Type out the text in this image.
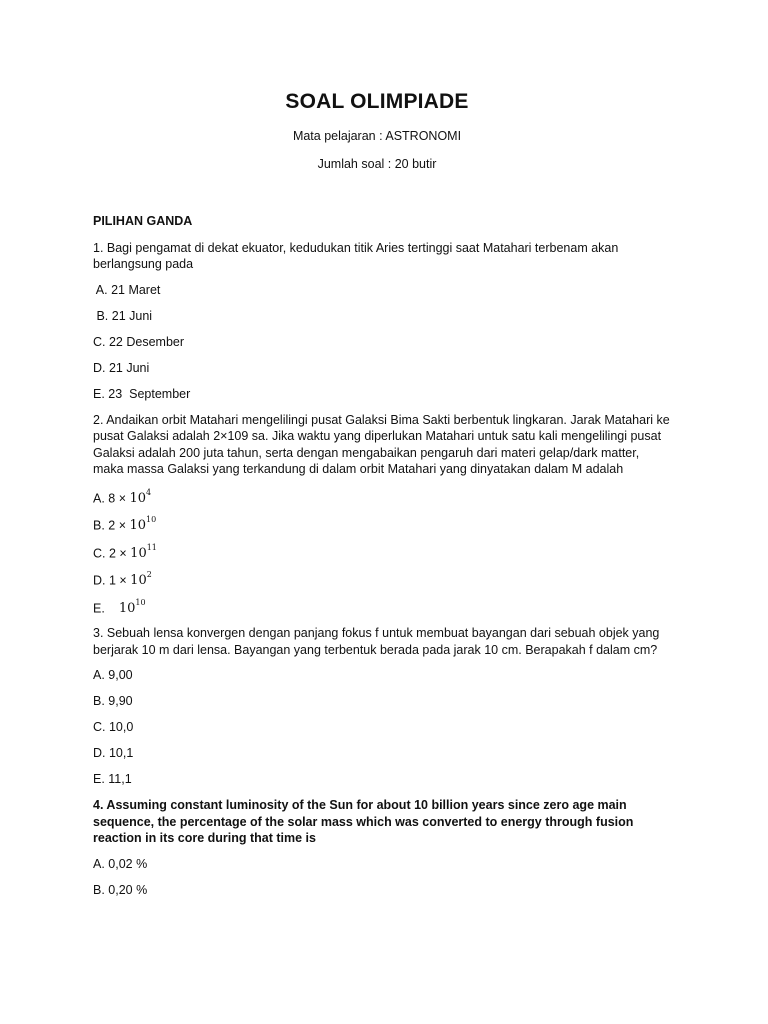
SOAL OLIMPIADE
Mata pelajaran : ASTRONOMI
Jumlah soal : 20 butir
PILIHAN GANDA
1. Bagi pengamat di dekat ekuator, kedudukan titik Aries tertinggi saat Matahari terbenam akan berlangsung pada
A. 21 Maret
B. 21 Juni
C. 22 Desember
D. 21 Juni
E. 23  September
2. Andaikan orbit Matahari mengelilingi pusat Galaksi Bima Sakti berbentuk lingkaran. Jarak Matahari ke pusat Galaksi adalah 2×109 sa. Jika waktu yang diperlukan Matahari untuk satu kali mengelilingi pusat Galaksi adalah 200 juta tahun, serta dengan mengabaikan pengaruh dari materi gelap/dark matter, maka massa Galaksi yang terkandung di dalam orbit Matahari yang dinyatakan dalam M adalah
A. $8 \times 10^4$
B. $2 \times 10^{10}$
C. $2 \times 10^{11}$
D. $1 \times 10^2$
E. $10^{10}$
3. Sebuah lensa konvergen dengan panjang fokus f untuk membuat bayangan dari sebuah objek yang berjarak 10 m dari lensa. Bayangan yang terbentuk berada pada jarak 10 cm. Berapakah f dalam cm?
A. 9,00
B. 9,90
C. 10,0
D. 10,1
E. 11,1
4. Assuming constant luminosity of the Sun for about 10 billion years since zero age main sequence, the percentage of the solar mass which was converted to energy through fusion reaction in its core during that time is
A. 0,02 %
B. 0,20 %
